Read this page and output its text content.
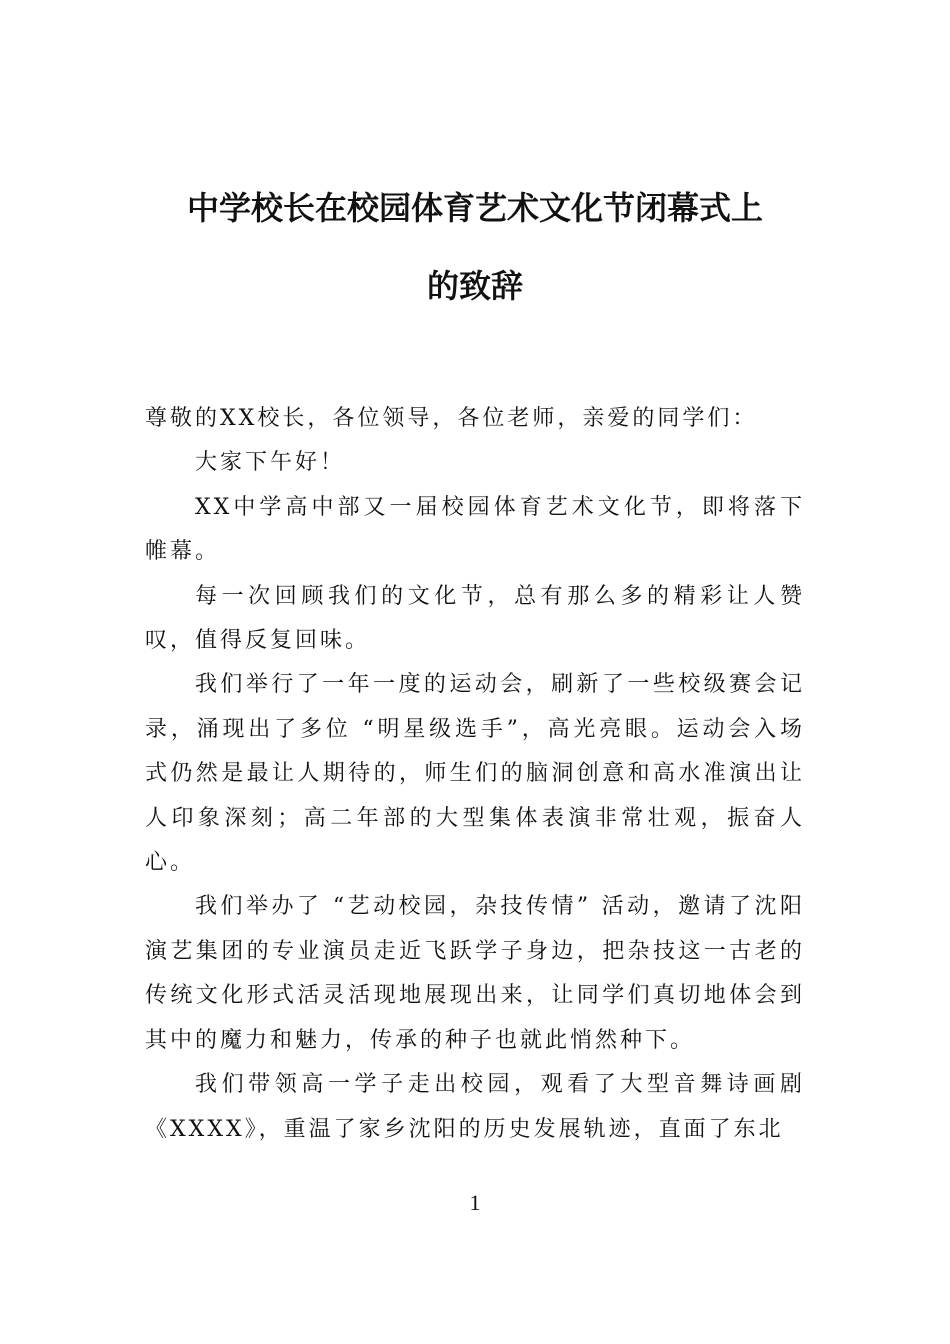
中学校长在校园体育艺术文化节闭幕式上
的致辞

尊敬的XX校长，各位领导，各位老师，亲爱的同学们：

大家下午好！

XX中学高中部又一届校园体育艺术文化节，即将落下帷幕。

每一次回顾我们的文化节，总有那么多的精彩让人赞叹，值得反复回味。

我们举行了一年一度的运动会，刷新了一些校级赛会记录，涌现出了多位 “明星级选手”，高光亮眼。运动会入场式仍然是最让人期待的，师生们的脑洞创意和高水准演出让人印象深刻；高二年部的大型集体表演非常壮观，振奋人心。

我们举办了 “艺动校园，杂技传情” 活动，邀请了沈阳演艺集团的专业演员走近飞跃学子身边，把杂技这一古老的传统文化形式活灵活现地展现出来，让同学们真切地体会到其中的魔力和魅力，传承的种子也就此悄然种下。

我们带领高一学子走出校园，观看了大型音舞诗画剧《XXXX》，重温了家乡沈阳的历史发展轨迹，直面了东北

1
